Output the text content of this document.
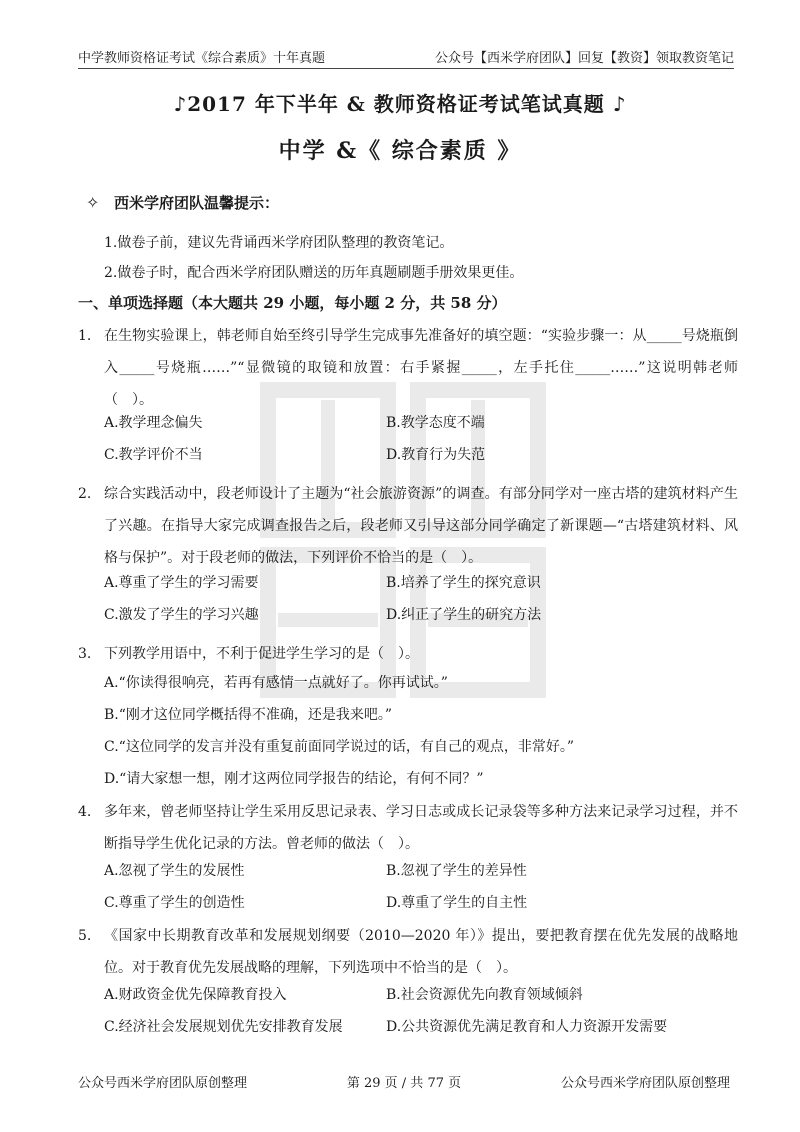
中学教师资格证考试《综合素质》十年真题	公众号【西米学府团队】回复【教资】领取教资笔记
♪2017 年下半年 & 教师资格证考试笔试真题 ♪
中学 &《 综合素质 》
✧ 西米学府团队温馨提示：
1.做卷子前，建议先背诵西米学府团队整理的教资笔记。
2.做卷子时，配合西米学府团队赠送的历年真题刷题手册效果更佳。
一、单项选择题（本大题共 29 小题，每小题 2 分，共 58 分）
1. 在生物实验课上，韩老师自始至终引导学生完成事先准备好的填空题：“实验步骤一：从_____号烧瓶倒入_____号烧瓶……”“显微镜的取镜和放置：右手紧握_____，左手托住_____……”这说明韩老师（　）。
A.教学理念偏失	B.教学态度不端
C.教学评价不当	D.教育行为失范
2. 综合实践活动中，段老师设计了主题为“社会旅游资源”的调查。有部分同学对一座古塔的建筑材料产生了兴趣。在指导大家完成调查报告之后，段老师又引导这部分同学确定了新课题—“古塔建筑材料、风格与保护”。对于段老师的做法，下列评价不恰当的是（　）。
A.尊重了学生的学习需要	B.培养了学生的探究意识
C.激发了学生的学习兴趣	D.纠正了学生的研究方法
3. 下列教学用语中，不利于促进学生学习的是（　）。
A.“你读得很响亮，若再有感情一点就好了。你再试试。”
B.“刚才这位同学概括得不准确，还是我来吧。”
C.“这位同学的发言并没有重复前面同学说过的话，有自己的观点，非常好。”
D.“请大家想一想，刚才这两位同学报告的结论，有何不同？”
4. 多年来，曾老师坚持让学生采用反思记录表、学习日志或成长记录袋等多种方法来记录学习过程，并不断指导学生优化记录的方法。曾老师的做法（　）。
A.忽视了学生的发展性	B.忽视了学生的差异性
C.尊重了学生的创造性	D.尊重了学生的自主性
5. 《国家中长期教育改革和发展规划纲要（2010—2020 年）》提出，要把教育摆在优先发展的战略地位。对于教育优先发展战略的理解，下列选项中不恰当的是（　）。
A.财政资金优先保障教育投入	B.社会资源优先向教育领域倾斜
C.经济社会发展规划优先安排教育发展	D.公共资源优先满足教育和人力资源开发需要
公众号西米学府团队原创整理	第 29 页 / 共 77 页	公众号西米学府团队原创整理
